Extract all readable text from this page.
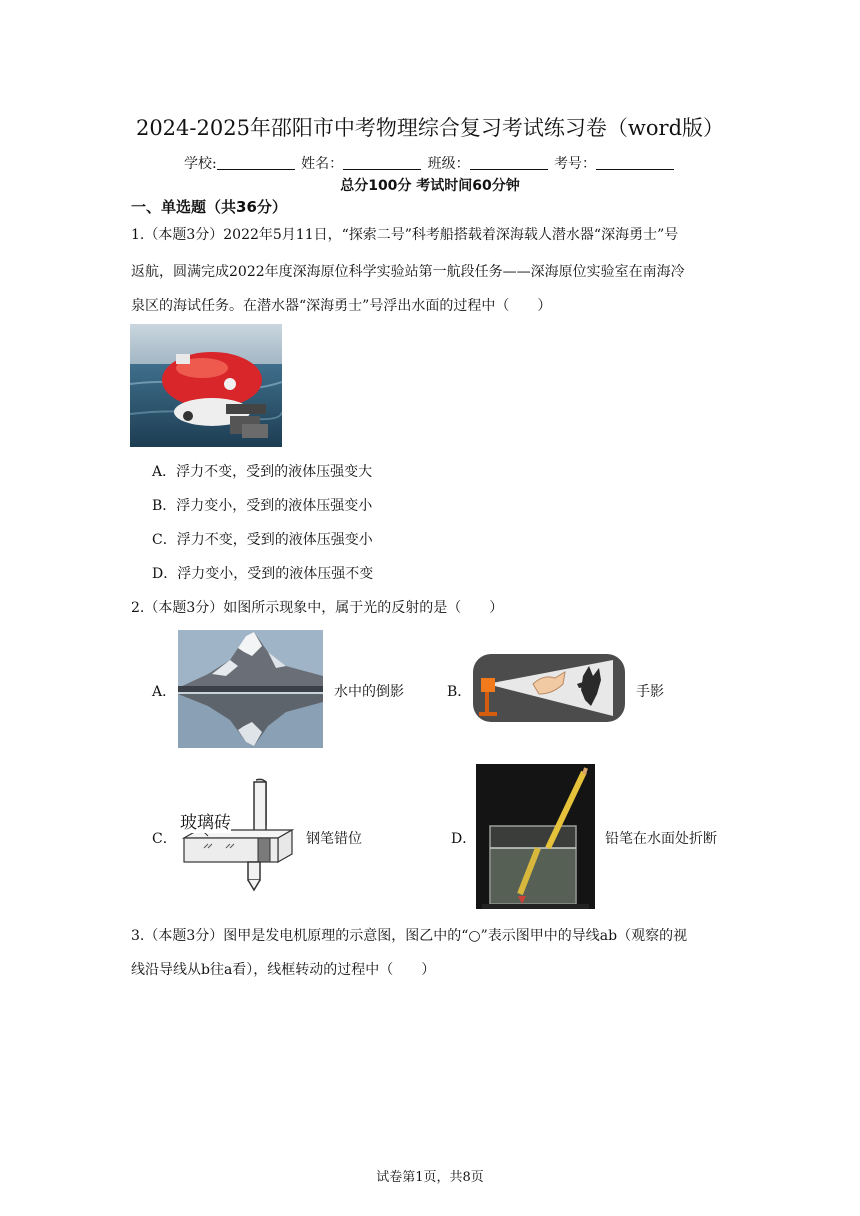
2024-2025年邵阳市中考物理综合复习考试练习卷（word版）
学校:	姓名：	班级：	考号：
总分100分 考试时间60分钟
一、单选题（共36分）
1.（本题3分）2022年5月11日，“探索二号”科考船搭载着深海载人潜水器“深海勇士”号
返航，圆满完成2022年度深海原位科学实验站第一航段任务——深海原位实验室在南海冷
泉区的海试任务。在潜水器“深海勇士”号浮出水面的过程中（　　）
A．浮力不变，受到的液体压强变大
B．浮力变小，受到的液体压强变小
C．浮力不变，受到的液体压强变小
D．浮力变小，受到的液体压强不变
2.（本题3分）如图所示现象中，属于光的反射的是（　　）
A．	水中的倒影	B．	手影
C．
玻璃砖
钢笔错位	D．	铅笔在水面处折断
3.（本题3分）图甲是发电机原理的示意图，图乙中的“○”表示图甲中的导线ab（观察的视
线沿导线从b往a看），线框转动的过程中（　　）
试卷第1页，共8页
